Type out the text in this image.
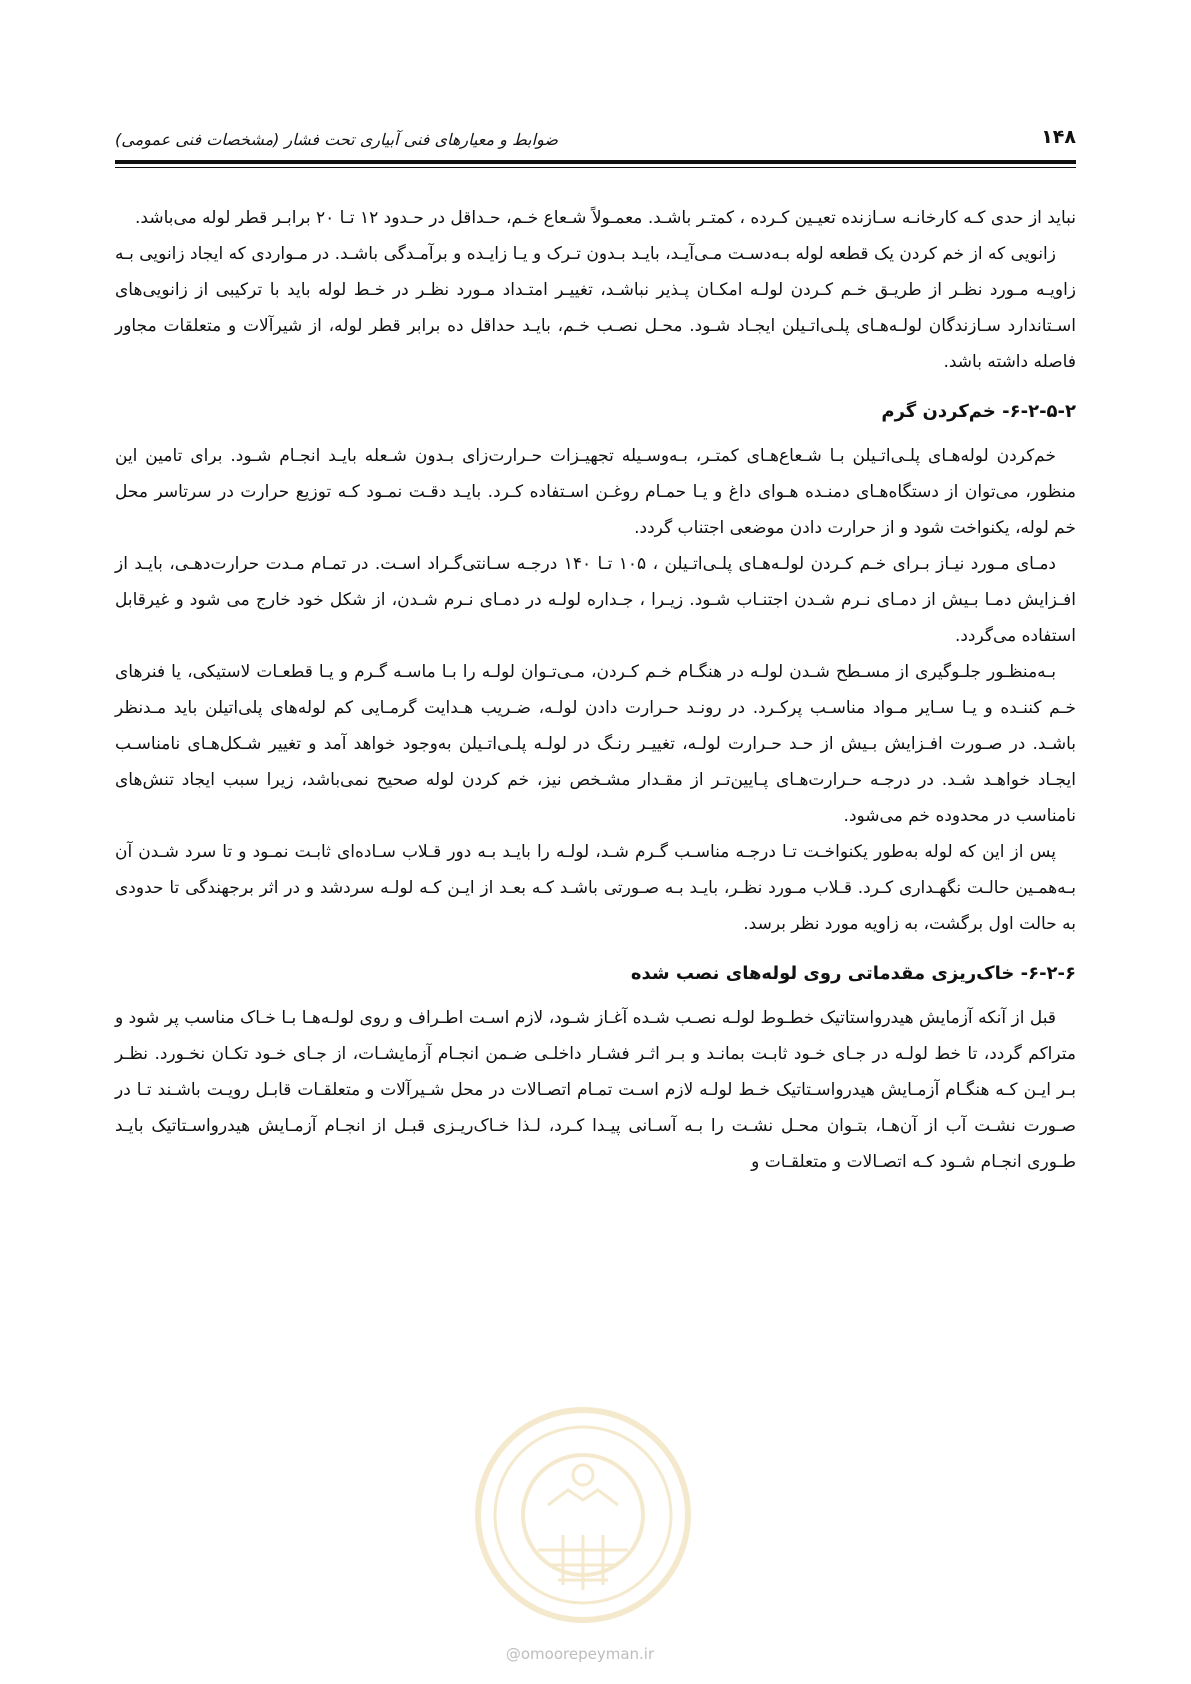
۱۴۸
ضوابط و معیارهای فنی آبیاری تحت فشار (مشخصات فنی عمومی)

نباید از حدی کـه کارخانـه سـازنده تعیـین کـرده ، کمتـر باشـد. معمـولاً شـعاع خـم، حـداقل در حـدود ۱۲ تـا ۲۰ برابـر قطر لوله می‌باشد.

زانویی که از خم کردن یک قطعه لوله بـه‌دسـت مـی‌آیـد، بایـد بـدون تـرک و یـا زایـده و برآمـدگی باشـد. در مـواردی که ایجاد زانویی بـه زاویـه مـورد نظـر از طریـق خـم کـردن لولـه امکـان پـذیر نباشـد، تغییـر امتـداد مـورد نظـر در خـط لوله باید با ترکیبی از زانویی‌های اسـتاندارد سـازندگان لولـه‌هـای پلـی‌اتـیلن ایجـاد شـود. محـل نصـب خـم، بایـد حداقل ده برابر قطر لوله، از شیرآلات و متعلقات مجاور فاصله داشته باشد.

۶-۲-۵-۲- خم‌کردن گرم

خم‌کردن لوله‌هـای پلـی‌اتـیلن بـا شـعاع‌هـای کمتـر، بـه‌وسـیله تجهیـزات حـرارت‌زای بـدون شـعله بایـد انجـام شـود. برای تامین این منظور، می‌توان از دستگاه‌هـای دمنـده هـوای داغ و یـا حمـام روغـن اسـتفاده کـرد. بایـد دقـت نمـود کـه توزیع حرارت در سرتاسر محل خم لوله، یکنواخت شود و از حرارت دادن موضعی اجتناب گردد.

دمـای مـورد نیـاز بـرای خـم کـردن لولـه‌هـای پلـی‌اتـیلن ، ۱۰۵ تـا ۱۴۰ درجـه سـانتی‌گـراد اسـت. در تمـام مـدت حرارت‌دهـی، بایـد از افـزایش دمـا بـیش از دمـای نـرم شـدن اجتنـاب شـود. زیـرا ، جـداره لولـه در دمـای نـرم شـدن، از شکل خود خارج می شود و غیرقابل استفاده می‌گردد.

بـه‌منظـور جلـوگیری از مسـطح شـدن لولـه در هنگـام خـم کـردن، مـی‌تـوان لولـه را بـا ماسـه گـرم و یـا قطعـات لاستیکی، یا فنرهای خـم کننـده و یـا سـایر مـواد مناسـب پرکـرد. در رونـد حـرارت دادن لولـه، ضـریب هـدایت گرمـایی کم لوله‌های پلی‌اتیلن باید مـدنظر باشـد. در صـورت افـزایش بـیش از حـد حـرارت لولـه، تغییـر رنـگ در لولـه پلـی‌اتـیلن به‌وجود خواهد آمد و تغییر شـکل‌هـای نامناسـب ایجـاد خواهـد شـد. در درجـه حـرارت‌هـای پـایین‌تـر از مقـدار مشـخص نیز، خم کردن لوله صحیح نمی‌باشد، زیرا سبب ایجاد تنش‌های نامناسب در محدوده خم می‌شود.

پس از این که لوله به‌طور یکنواخـت تـا درجـه مناسـب گـرم شـد، لولـه را بایـد بـه دور قـلاب سـاده‌ای ثابـت نمـود و تا سرد شـدن آن بـه‌همـین حالـت نگهـداری کـرد. قـلاب مـورد نظـر، بایـد بـه صـورتی باشـد کـه بعـد از ایـن کـه لولـه سردشد و در اثر برجهندگی تا حدودی به حالت اول برگشت، به زاویه مورد نظر برسد.

۶-۲-۶- خاک‌ریزی مقدماتی روی لوله‌های نصب شده

قبل از آنکه آزمایش هیدرواستاتیک خطـوط لولـه نصـب شـده آغـاز شـود، لازم اسـت اطـراف و روی لولـه‌هـا بـا خـاک مناسب پر شود و متراکم گردد، تا خط لولـه در جـای خـود ثابـت بمانـد و بـر اثـر فشـار داخلـی ضـمن انجـام آزمایشـات، از جـای خـود تکـان نخـورد. نظـر بـر ایـن کـه هنگـام آزمـایش هیدرواسـتاتیک خـط لولـه لازم اسـت تمـام اتصـالات در محل شـیرآلات و متعلقـات قابـل رویـت باشـند تـا در صـورت نشـت آب از آن‌هـا، بتـوان محـل نشـت را بـه آسـانی پیـدا کـرد، لـذا خـاک‌ریـزی قبـل از انجـام آزمـایش هیدرواسـتاتیک بایـد طـوری انجـام شـود کـه اتصـالات و متعلقـات و

@omoorepeyman.ir
